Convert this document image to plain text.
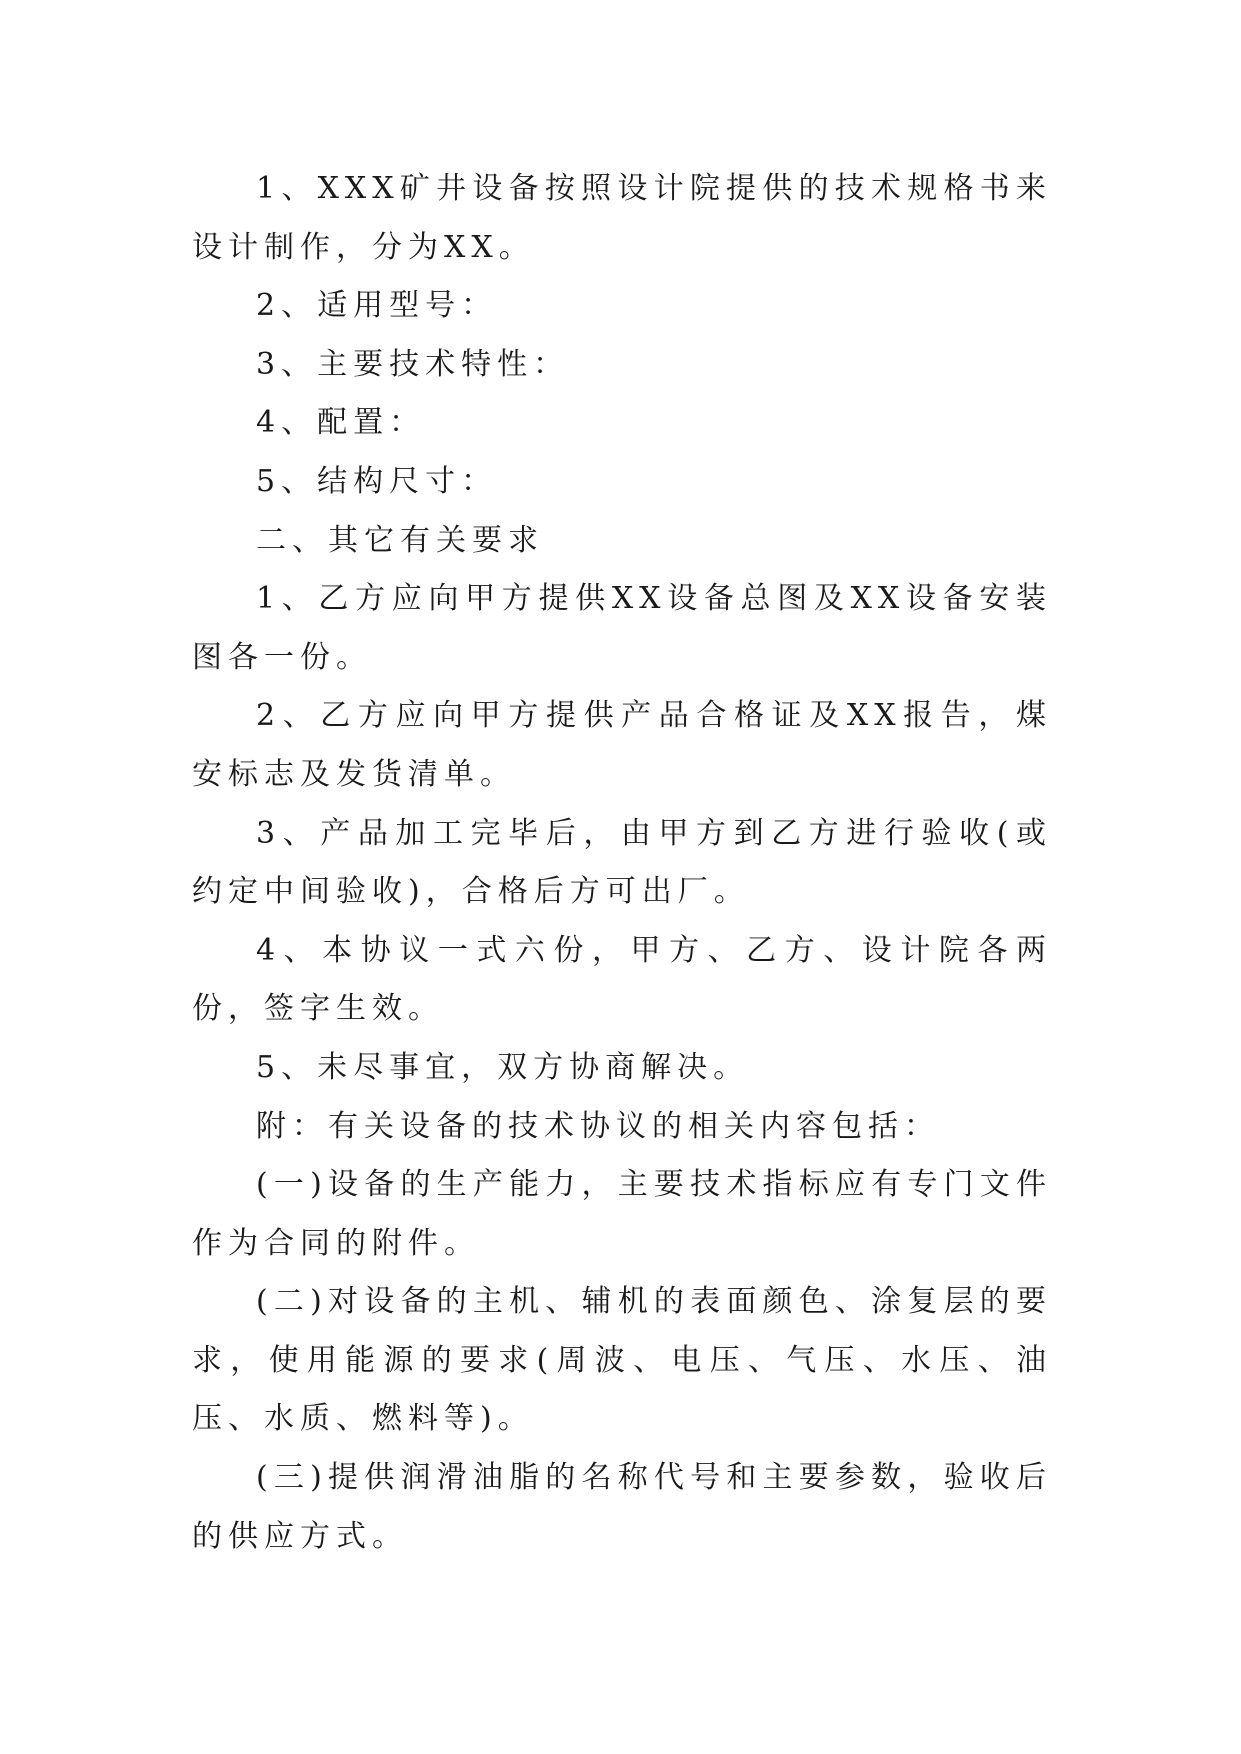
1、XXX矿井设备按照设计院提供的技术规格书来设计制作，分为XX。

2、适用型号：

3、主要技术特性：

4、配置：

5、结构尺寸：

二、其它有关要求

1、乙方应向甲方提供XX设备总图及XX设备安装图各一份。

2、乙方应向甲方提供产品合格证及XX报告，煤安标志及发货清单。

3、产品加工完毕后，由甲方到乙方进行验收(或约定中间验收)，合格后方可出厂。

4、本协议一式六份，甲方、乙方、设计院各两份，签字生效。

5、未尽事宜，双方协商解决。

附：有关设备的技术协议的相关内容包括：

(一)设备的生产能力，主要技术指标应有专门文件作为合同的附件。

(二)对设备的主机、辅机的表面颜色、涂复层的要求，使用能源的要求(周波、电压、气压、水压、油压、水质、燃料等)。

(三)提供润滑油脂的名称代号和主要参数，验收后的供应方式。
